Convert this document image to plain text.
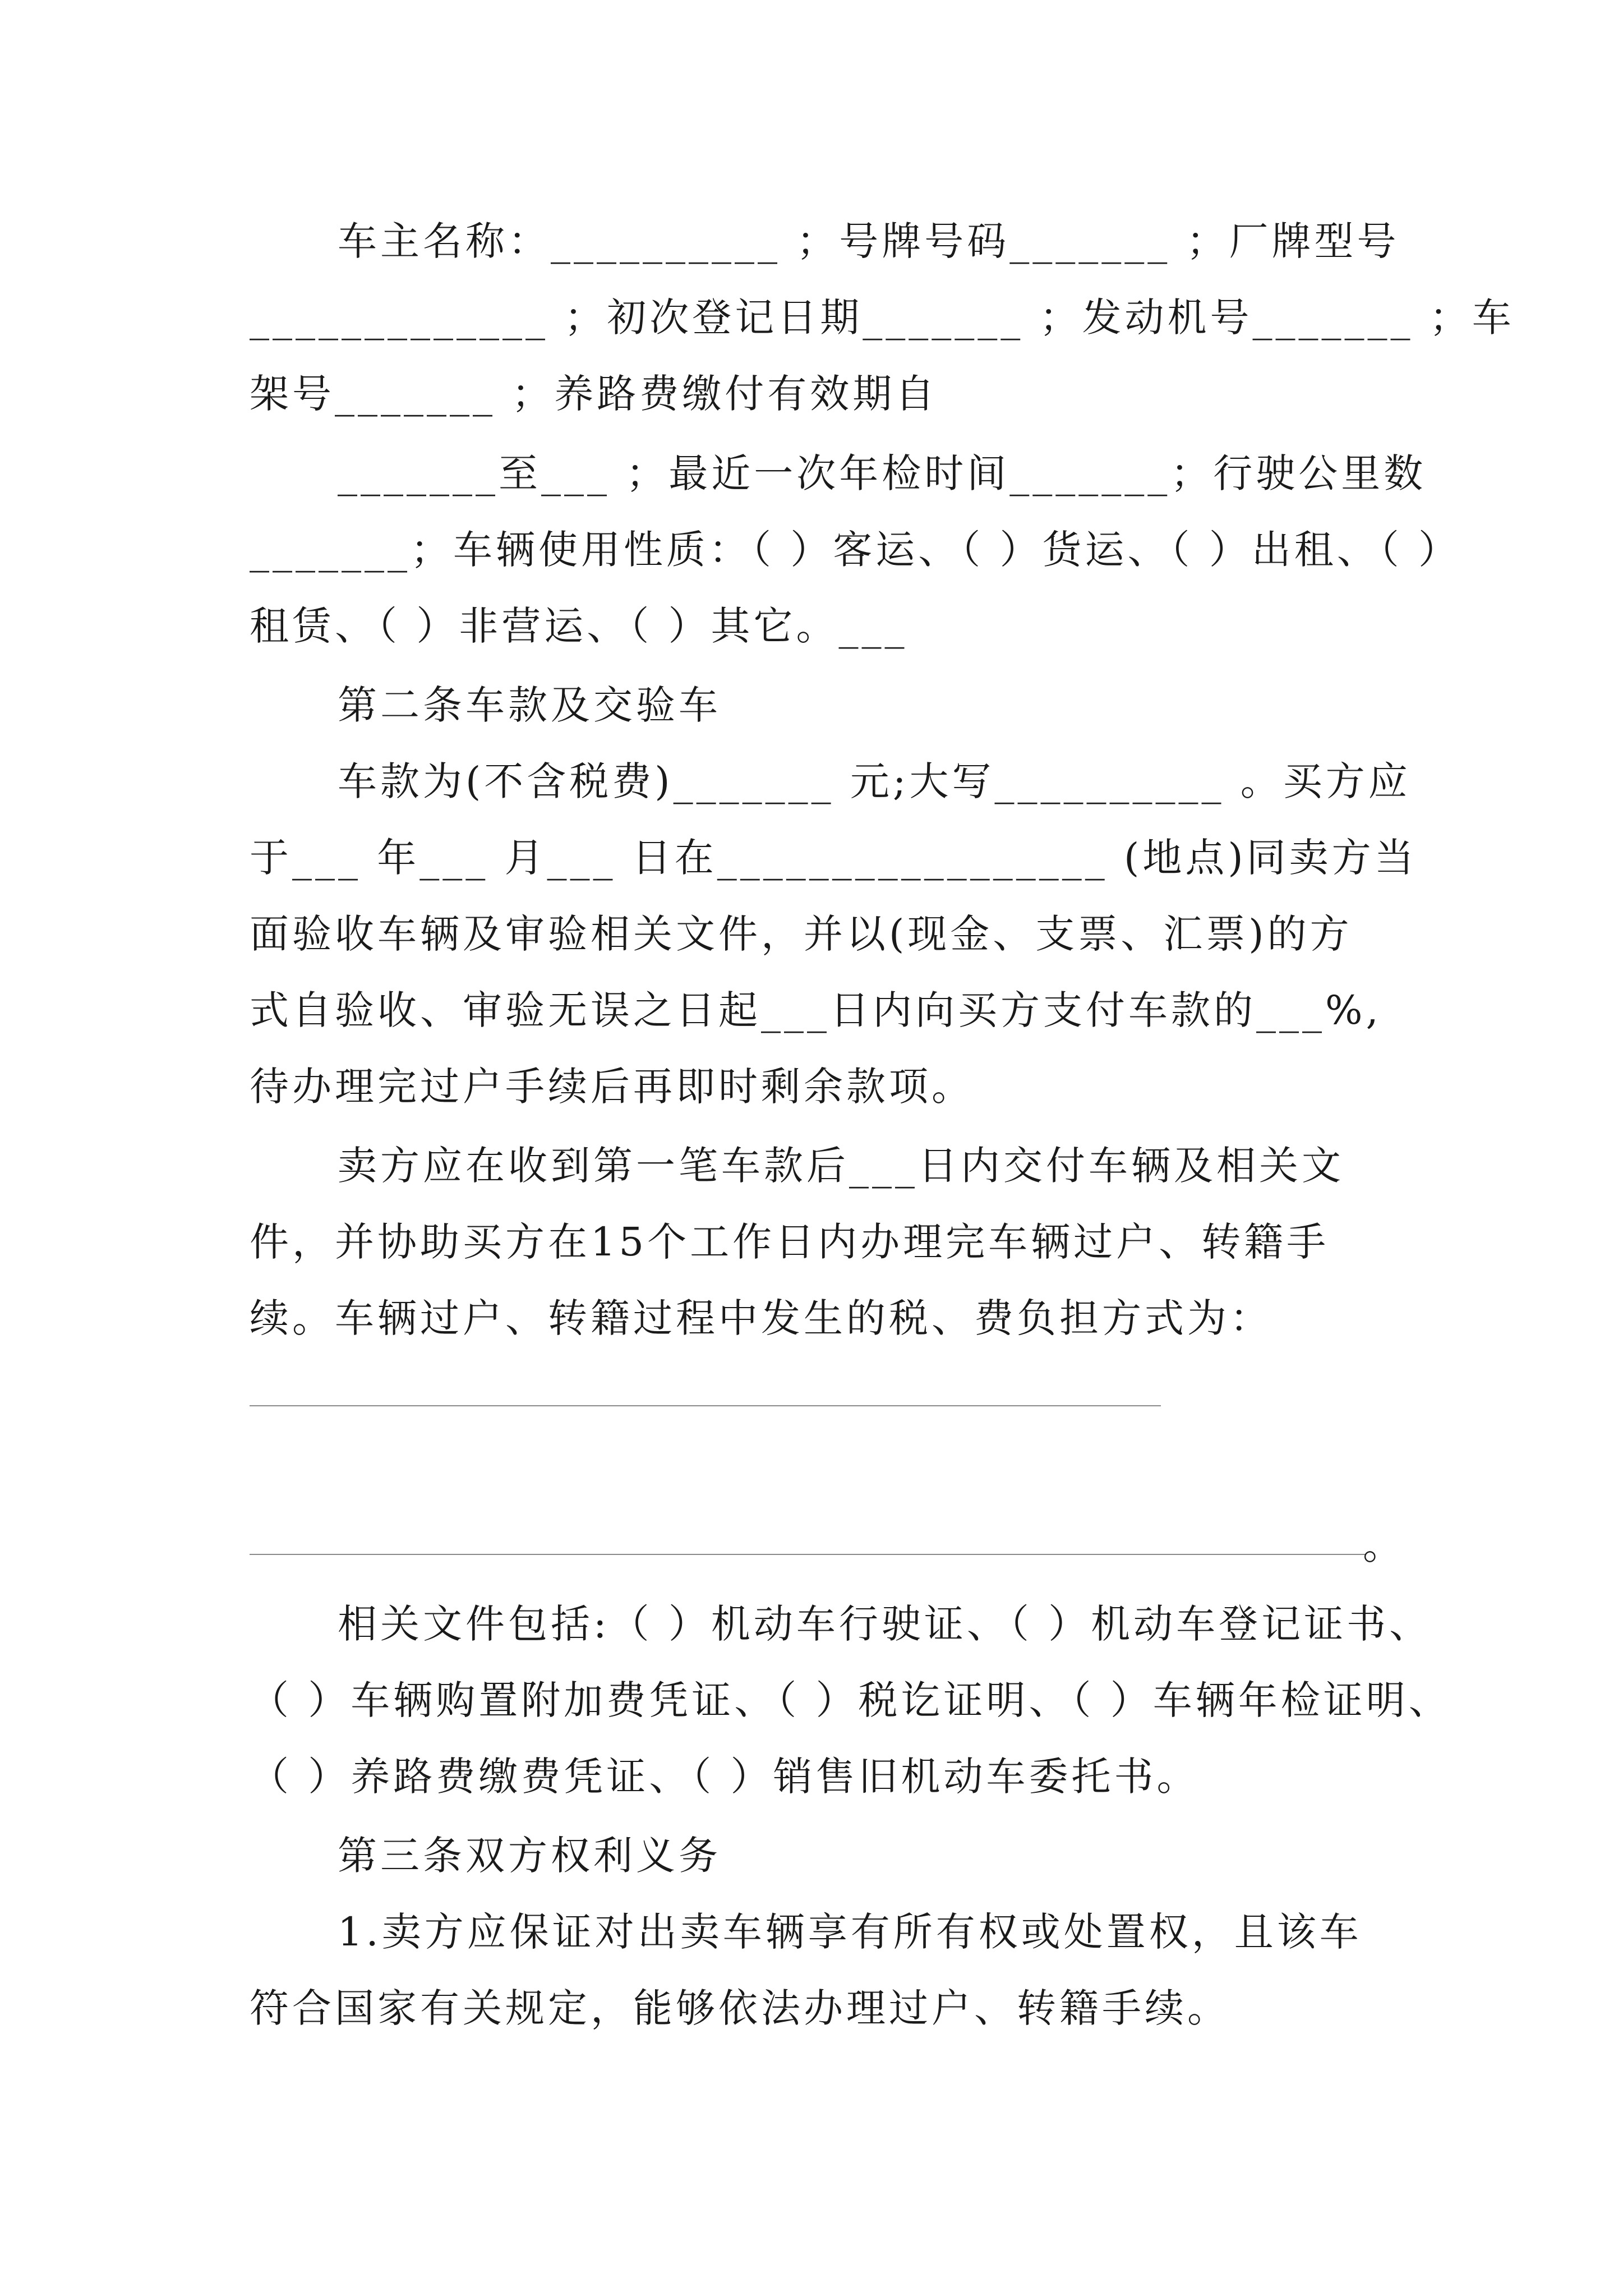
车主名称：__________ ；号牌号码_______ ；厂牌型号
_____________ ；初次登记日期_______ ；发动机号_______ ；车
架号_______ ；养路费缴付有效期自
_______至___ ；最近一次年检时间_______；行驶公里数
_______；车辆使用性质：（ ）客运、（ ）货运、（ ）出租、（ ）
租赁、（ ）非营运、（ ）其它。___
第二条车款及交验车
车款为(不含税费)_______ 元;大写__________ 。买方应
于___ 年___ 月___ 日在_________________ (地点)同卖方当
面验收车辆及审验相关文件，并以(现金、支票、汇票)的方
式自验收、审验无误之日起___日内向买方支付车款的___%,
待办理完过户手续后再即时剩余款项。
卖方应在收到第一笔车款后___日内交付车辆及相关文
件，并协助买方在15个工作日内办理完车辆过户、转籍手
续。车辆过户、转籍过程中发生的税、费负担方式为：
。
相关文件包括:（ ）机动车行驶证、（ ）机动车登记证书、
（ ）车辆购置附加费凭证、（ ）税讫证明、（ ）车辆年检证明、
（ ）养路费缴费凭证、（ ）销售旧机动车委托书。
第三条双方权利义务
1.卖方应保证对出卖车辆享有所有权或处置权，且该车
符合国家有关规定，能够依法办理过户、转籍手续。
